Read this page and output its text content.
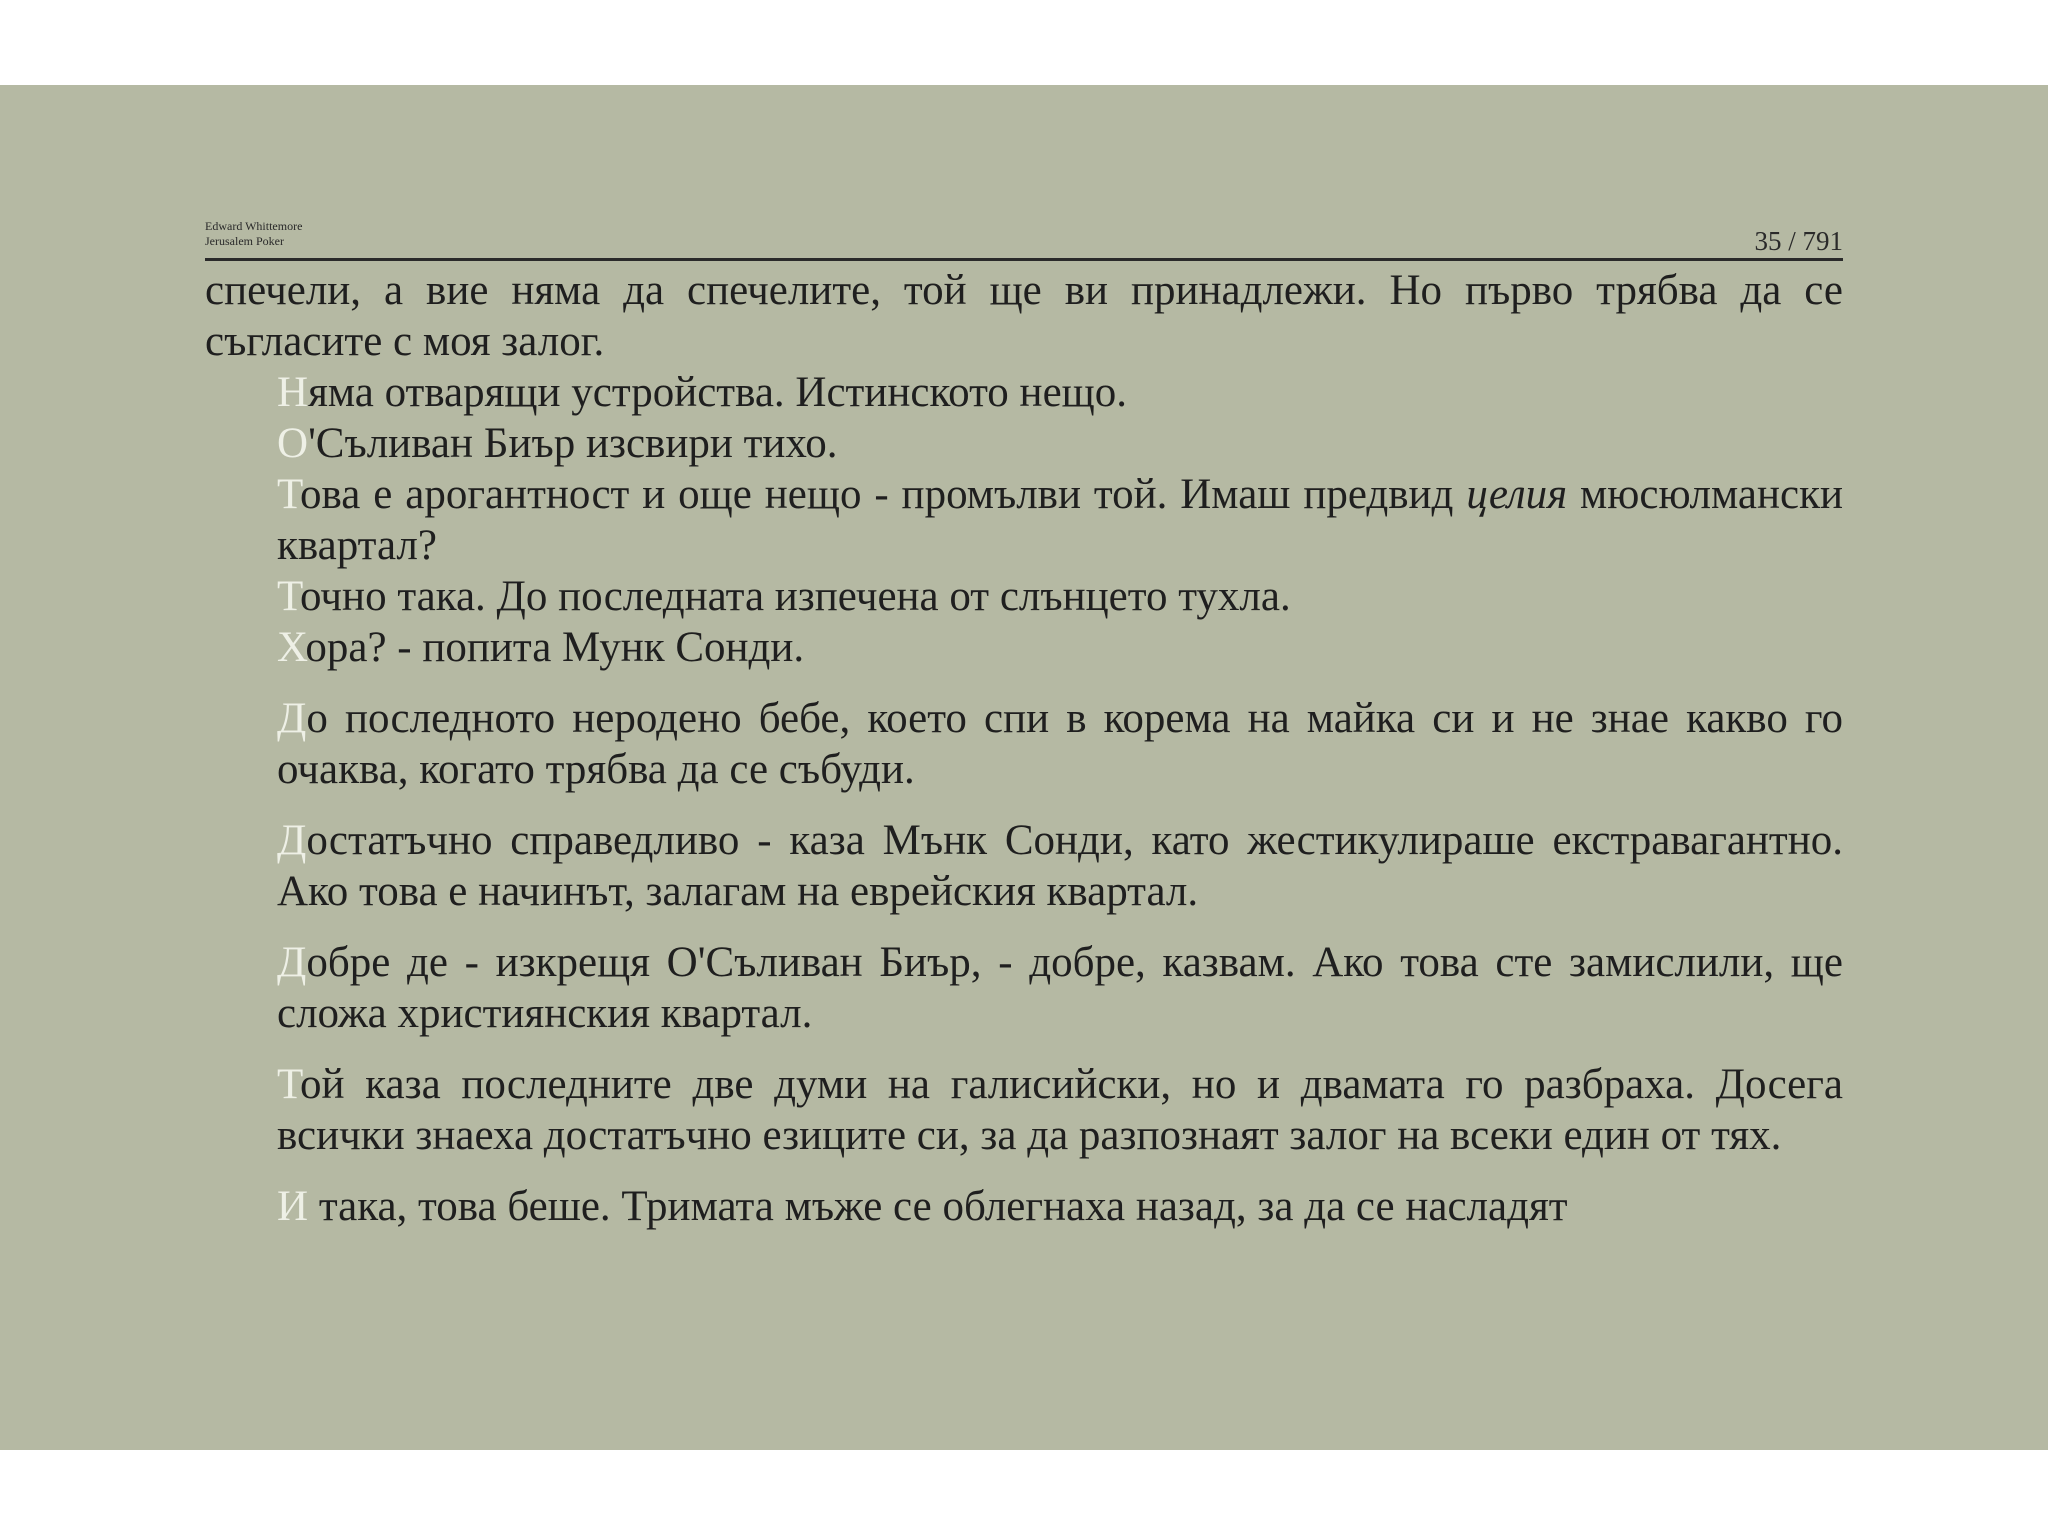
Edward Whittemore
Jerusalem Poker	35 / 791

спечели, а вие няма да спечелите, той ще ви принадлежи. Но първо трябва да се съгласите с моя залог.

Няма отварящи устройства. Истинското нещо.

О'Съливан Биър изсвири тихо.

Това е арогантност и още нещо - промълви той. Имаш предвид целия мюсюлмански квартал?

Точно така. До последната изпечена от слънцето тухла.

Хора? - попита Мунк Сонди.

До последното неродено бебе, което спи в корема на майка си и не знае какво го очаква, когато трябва да се събуди.

Достатъчно справедливо - каза Мънк Сонди, като жестикулираше екстравагантно. Ако това е начинът, залагам на еврейския квартал.

Добре де - изкрещя О'Съливан Биър, - добре, казвам. Ако това сте замислили, ще сложа християнския квартал.

Той каза последните две думи на галисийски, но и двамата го разбраха. Досега всички знаеха достатъчно езиците си, за да разпознаят залог на всеки един от тях.

И така, това беше. Тримата мъже се облегнаха назад, за да се насладят
